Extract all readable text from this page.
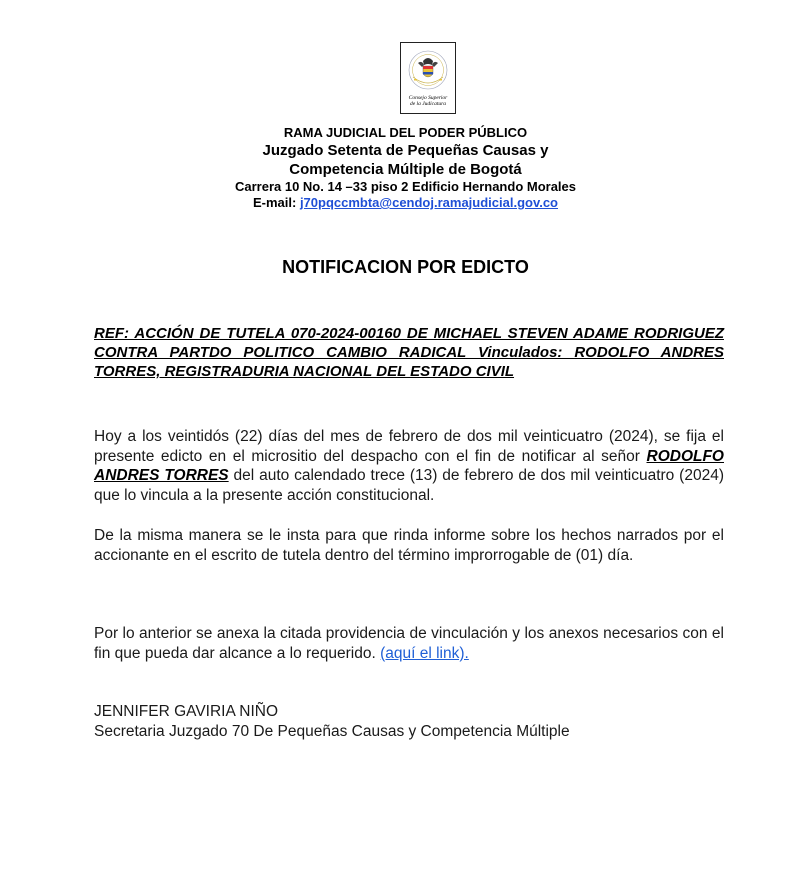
Consejo Superior
de la Judicatura
RAMA JUDICIAL DEL PODER PÚBLICO
Juzgado Setenta de Pequeñas Causas y
Competencia Múltiple de Bogotá
Carrera 10 No. 14 –33 piso 2 Edificio Hernando Morales
E-mail: j70pqccmbta@cendoj.ramajudicial.gov.co
NOTIFICACION POR EDICTO
REF: ACCIÓN DE TUTELA 070-2024-00160 DE MICHAEL STEVEN ADAME RODRIGUEZ CONTRA PARTDO POLITICO CAMBIO RADICAL Vinculados: RODOLFO ANDRES TORRES, REGISTRADURIA NACIONAL DEL ESTADO CIVIL
Hoy a los veintidós (22) días del mes de febrero de dos mil veinticuatro (2024), se fija el presente edicto en el micrositio del despacho con el fin de notificar al señor RODOLFO ANDRES TORRES del auto calendado trece (13) de febrero de dos mil veinticuatro (2024) que lo vincula a la presente acción constitucional.
De la misma manera se le insta para que rinda informe sobre los hechos narrados por el accionante en el escrito de tutela dentro del término improrrogable de (01) día.
Por lo anterior se anexa la citada providencia de vinculación y los anexos necesarios con el fin que pueda dar alcance a lo requerido. (aquí el link).
JENNIFER GAVIRIA NIÑO
Secretaria Juzgado 70 De Pequeñas Causas y Competencia Múltiple
